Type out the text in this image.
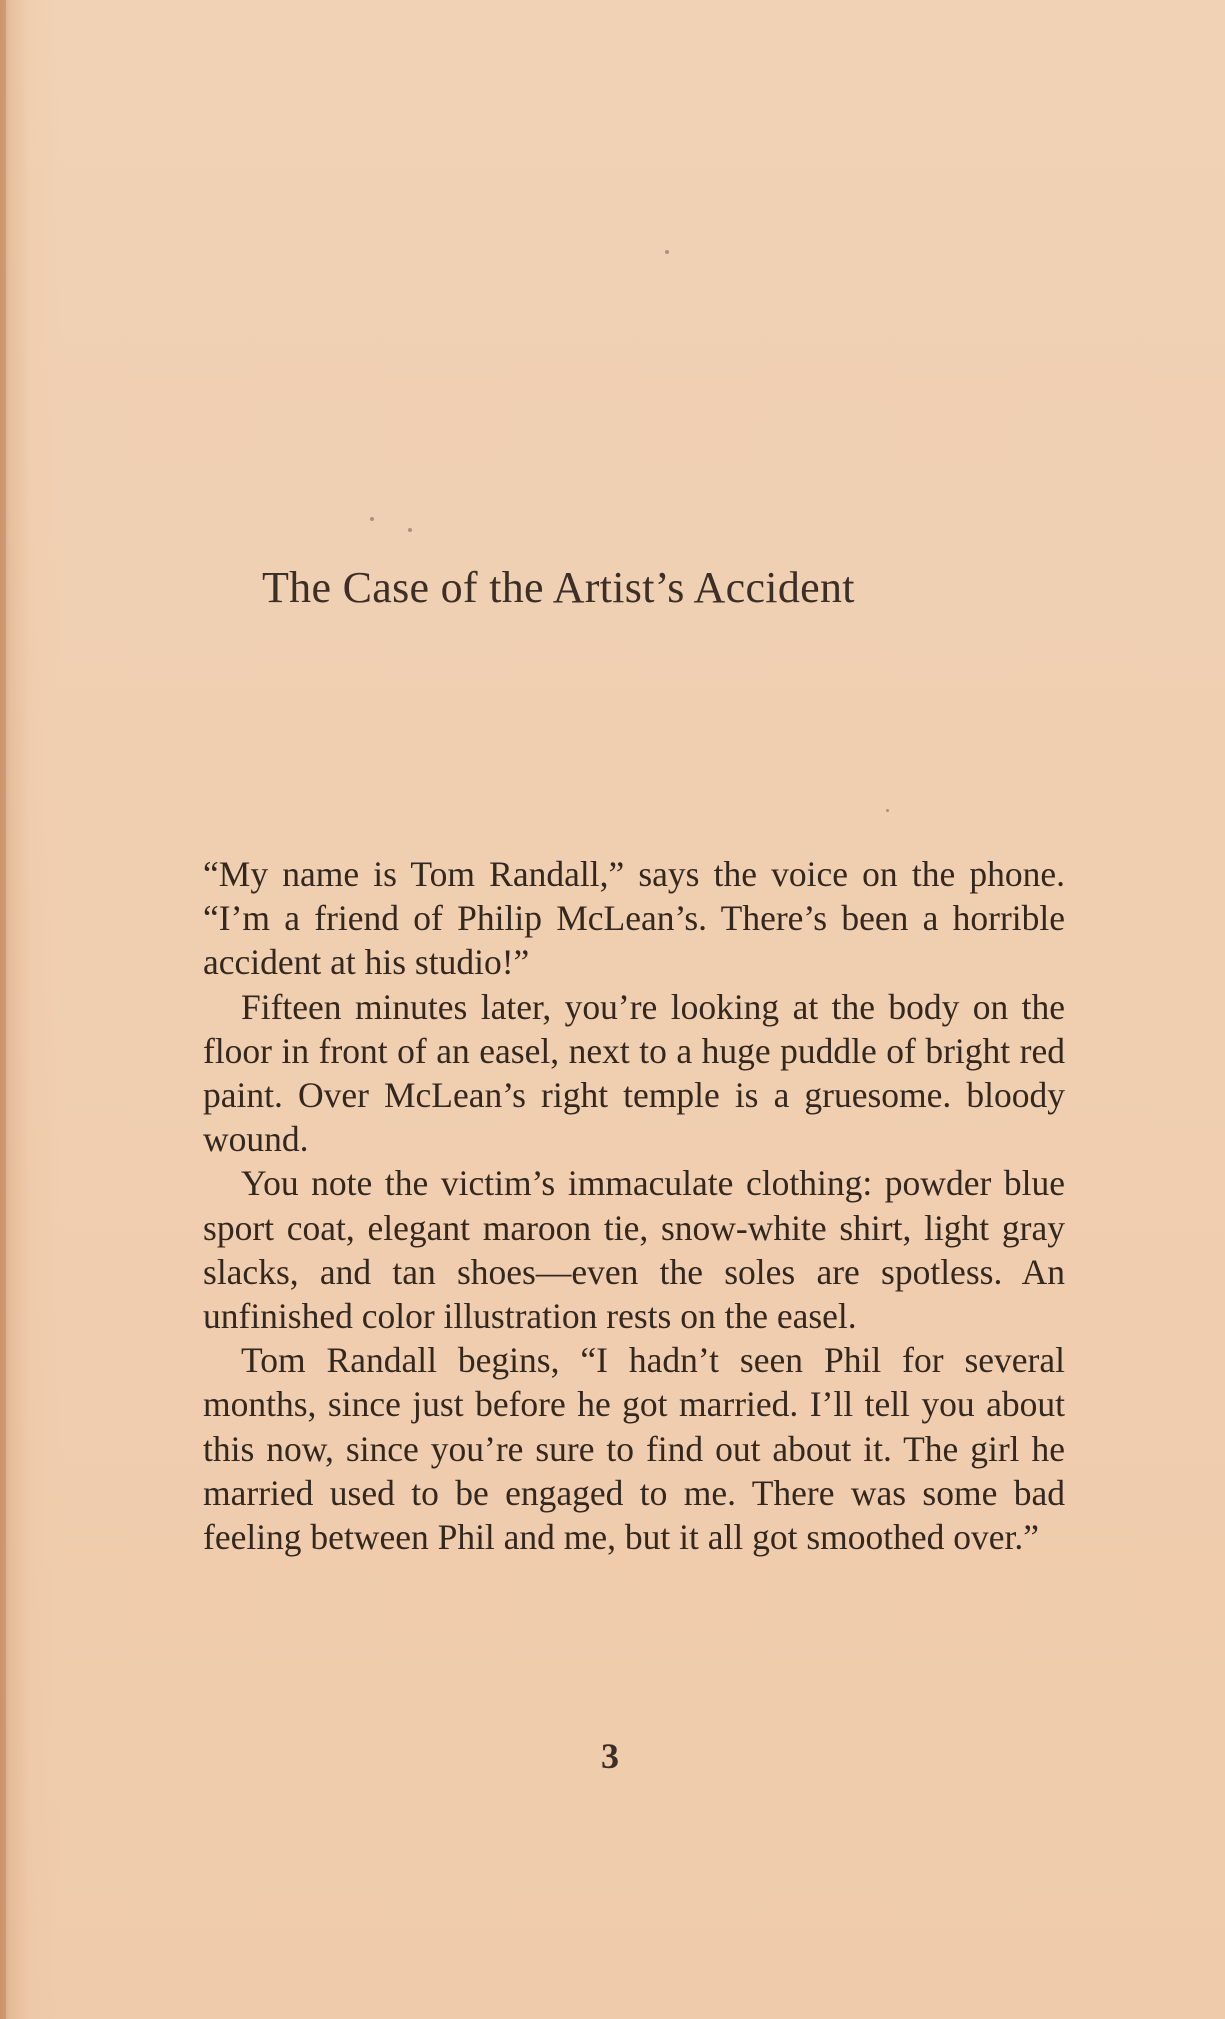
The Case of the Artist’s Accident

“My name is Tom Randall,” says the voice on the phone. “I’m a friend of Philip McLean’s. There’s been a horrible accident at his studio!”

Fifteen minutes later, you’re looking at the body on the floor in front of an easel, next to a huge puddle of bright red paint. Over McLean’s right temple is a gruesome. bloody wound.

You note the victim’s immaculate clothing: powder blue sport coat, elegant maroon tie, snow-white shirt, light gray slacks, and tan shoes—even the soles are spotless. An unfinished color illustration rests on the easel.

Tom Randall begins, “I hadn’t seen Phil for several months, since just before he got married. I’ll tell you about this now, since you’re sure to find out about it. The girl he married used to be engaged to me. There was some bad feeling between Phil and me, but it all got smoothed over.”

3
